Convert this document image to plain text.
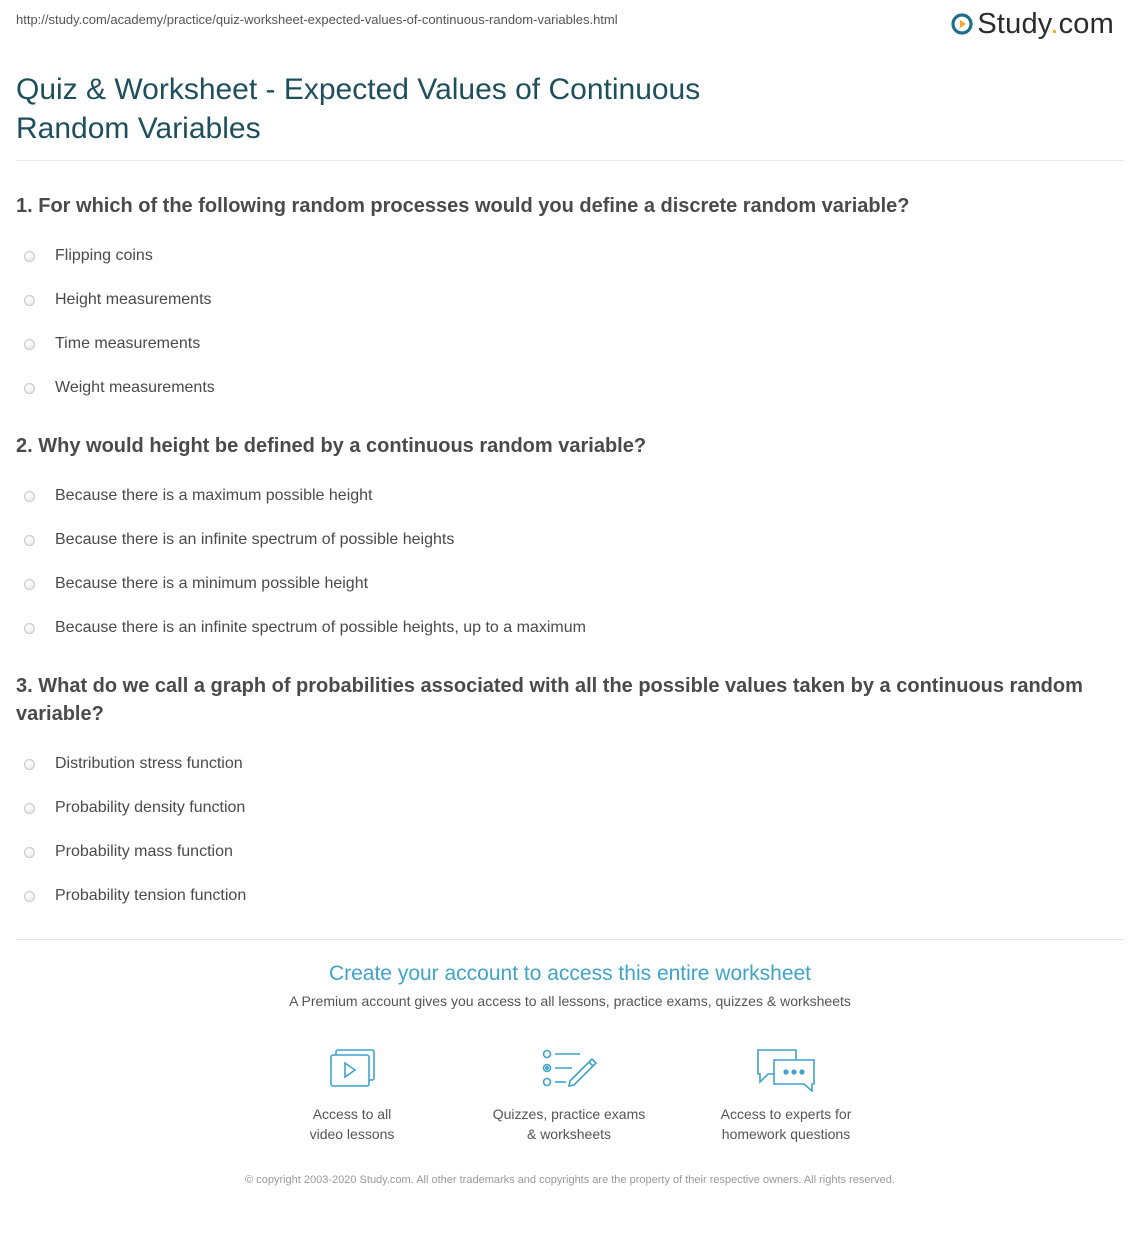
http://study.com/academy/practice/quiz-worksheet-expected-values-of-continuous-random-variables.html	Study.com
Quiz & Worksheet - Expected Values of Continuous Random Variables
1. For which of the following random processes would you define a discrete random variable?
Flipping coins
Height measurements
Time measurements
Weight measurements
2. Why would height be defined by a continuous random variable?
Because there is a maximum possible height
Because there is an infinite spectrum of possible heights
Because there is a minimum possible height
Because there is an infinite spectrum of possible heights, up to a maximum
3. What do we call a graph of probabilities associated with all the possible values taken by a continuous random variable?
Distribution stress function
Probability density function
Probability mass function
Probability tension function
Create your account to access this entire worksheet
A Premium account gives you access to all lessons, practice exams, quizzes & worksheets
Access to all
video lessons
Quizzes, practice exams
& worksheets
Access to experts for
homework questions
© copyright 2003-2020 Study.com. All other trademarks and copyrights are the property of their respective owners. All rights reserved.
